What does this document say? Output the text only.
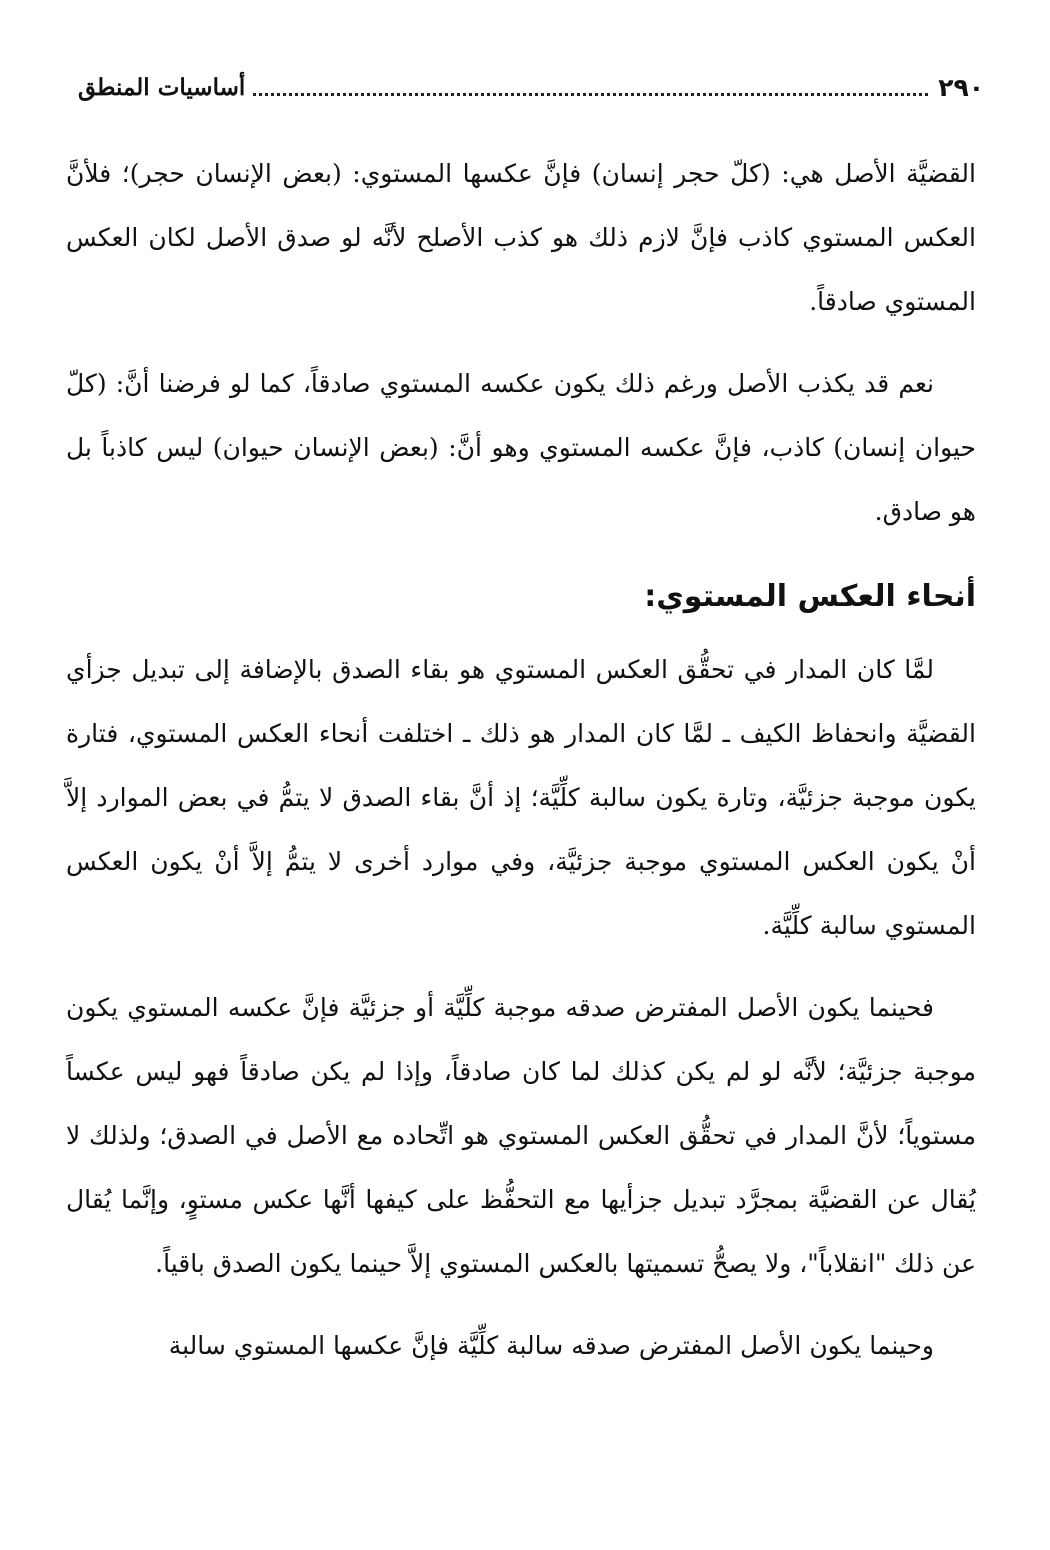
٢٩٠
أساسيات المنطق

القضيَّة الأصل هي: (كلّ حجر إنسان) فإنَّ عكسها المستوي: (بعض الإنسان حجر)؛ فلأنَّ العكس المستوي كاذب فإنَّ لازم ذلك هو كذب الأصلح لأنَّه لو صدق الأصل لكان العكس المستوي صادقاً.

نعم قد يكذب الأصل ورغم ذلك يكون عكسه المستوي صادقاً، كما لو فرضنا أنَّ: (كلّ حيوان إنسان) كاذب، فإنَّ عكسه المستوي وهو أنَّ: (بعض الإنسان حيوان) ليس كاذباً بل هو صادق.

أنحاء العكس المستوي:

لمَّا كان المدار في تحقُّق العكس المستوي هو بقاء الصدق بالإضافة إلى تبديل جزأي القضيَّة وانحفاظ الكيف ـ لمَّا كان المدار هو ذلك ـ اختلفت أنحاء العكس المستوي، فتارة يكون موجبة جزئيَّة، وتارة يكون سالبة كلِّيَّة؛ إذ أنَّ بقاء الصدق لا يتمُّ في بعض الموارد إلاَّ أنْ يكون العكس المستوي موجبة جزئيَّة، وفي موارد أخرى لا يتمُّ إلاَّ أنْ يكون العكس المستوي سالبة كلِّيَّة.

فحينما يكون الأصل المفترض صدقه موجبة كلِّيَّة أو جزئيَّة فإنَّ عكسه المستوي يكون موجبة جزئيَّة؛ لأنَّه لو لم يكن كذلك لما كان صادقاً، وإذا لم يكن صادقاً فهو ليس عكساً مستوياً؛ لأنَّ المدار في تحقُّق العكس المستوي هو اتِّحاده مع الأصل في الصدق؛ ولذلك لا يُقال عن القضيَّة بمجرَّد تبديل جزأيها مع التحفُّظ على كيفها أنَّها عكس مستوٍ، وإنَّما يُقال عن ذلك "انقلاباً"، ولا يصحُّ تسميتها بالعكس المستوي إلاَّ حينما يكون الصدق باقياً.

وحينما يكون الأصل المفترض صدقه سالبة كلِّيَّة فإنَّ عكسها المستوي سالبة
